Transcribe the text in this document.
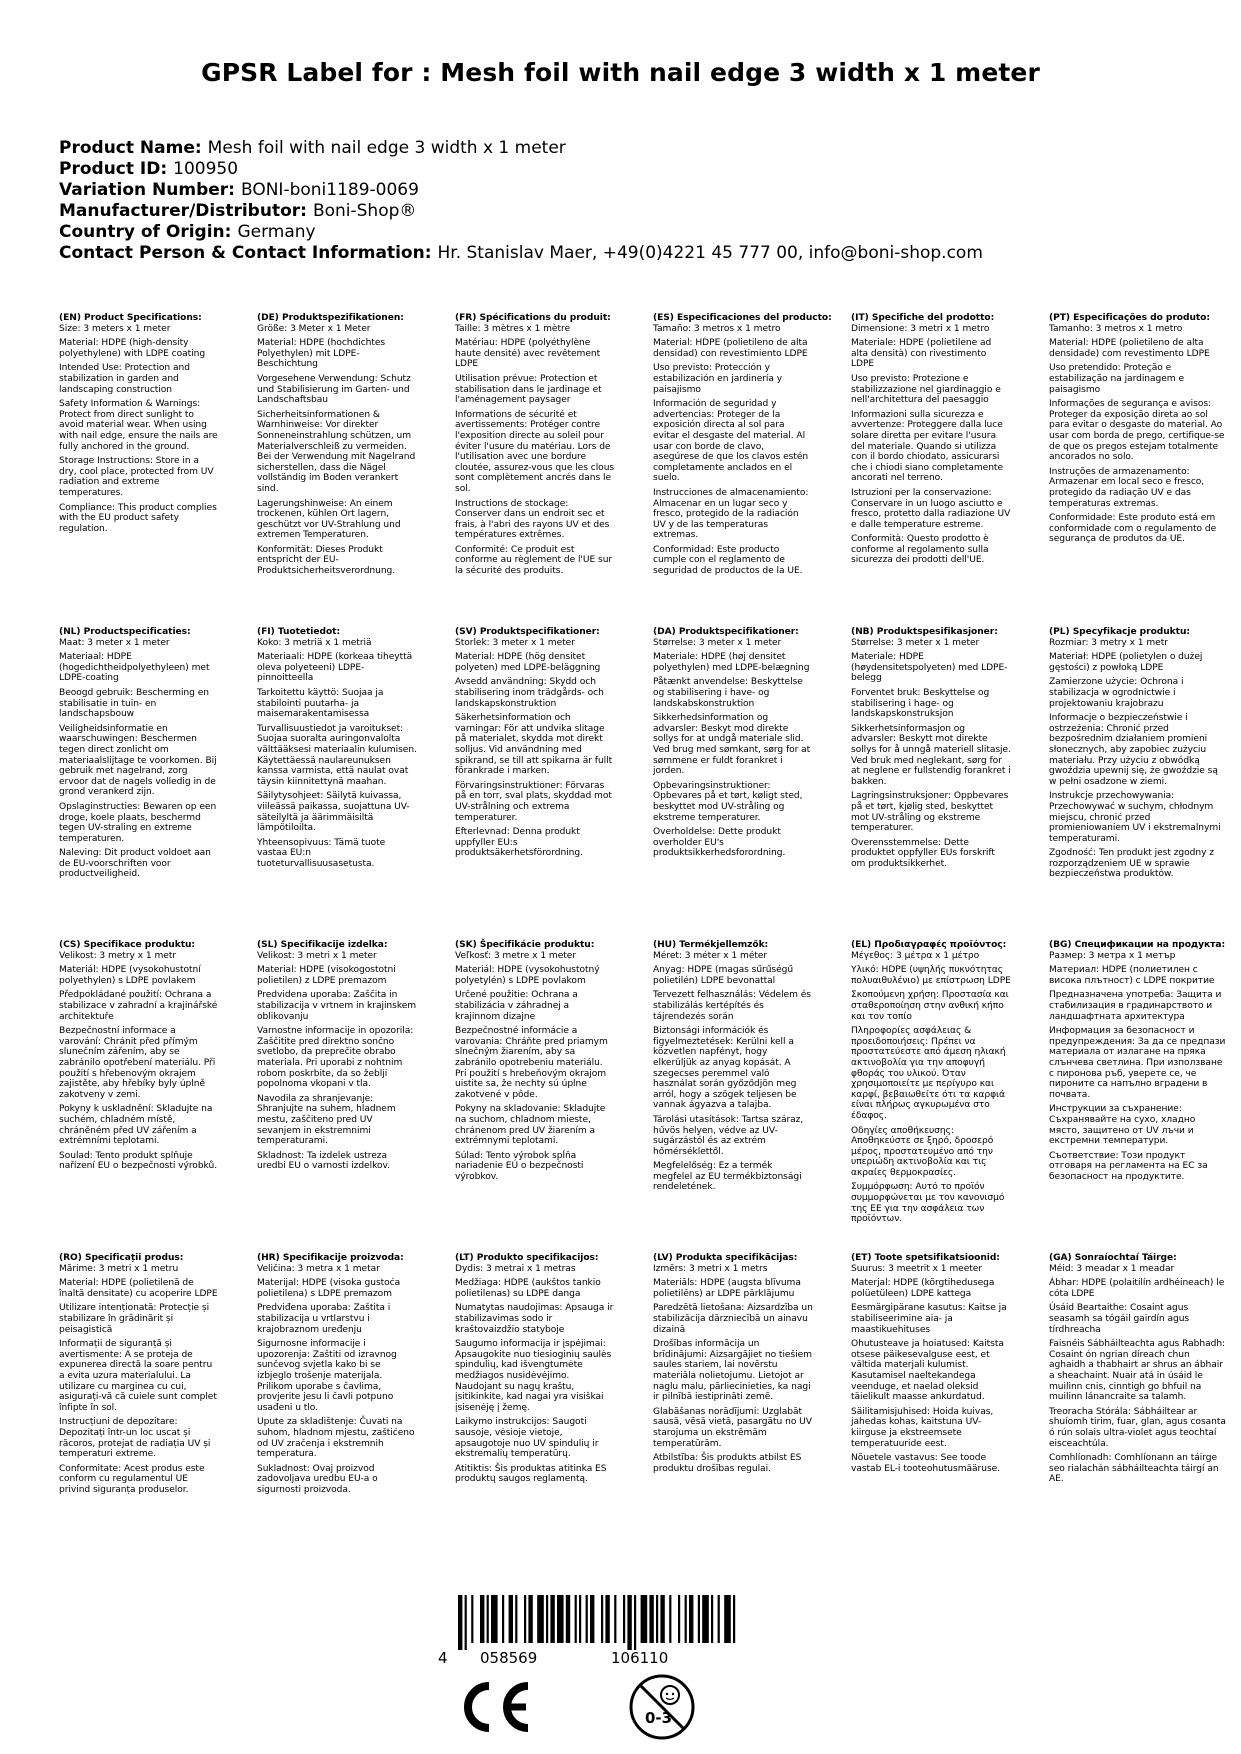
GPSR Label for : Mesh foil with nail edge 3 width x 1 meter
Product Name: Mesh foil with nail edge 3 width x 1 meter
Product ID: 100950
Variation Number: BONI-boni1189-0069
Manufacturer/Distributor: Boni-Shop®
Country of Origin: Germany
Contact Person & Contact Information: Hr. Stanislav Maer, +49(0)4221 45 777 00, info@boni-shop.com
(EN) Product Specifications:

Size: 3 meters x 1 meter

Material: HDPE (high-density polyethylene) with LDPE coating

Intended Use: Protection and stabilization in garden and landscaping construction

Safety Information & Warnings: Protect from direct sunlight to avoid material wear. When using with nail edge, ensure the nails are fully anchored in the ground.

Storage Instructions: Store in a dry, cool place, protected from UV radiation and extreme temperatures.

Compliance: This product complies with the EU product safety regulation.

(DE) Produktspezifikationen:

Größe: 3 Meter x 1 Meter

Material: HDPE (hochdichtes Polyethylen) mit LDPE-Beschichtung

Vorgesehene Verwendung: Schutz und Stabilisierung im Garten- und Landschaftsbau

Sicherheitsinformationen & Warnhinweise: Vor direkter Sonneneinstrahlung schützen, um Materialverschleiß zu vermeiden. Bei der Verwendung mit Nagelrand sicherstellen, dass die Nägel vollständig im Boden verankert sind.

Lagerungshinweise: An einem trockenen, kühlen Ort lagern, geschützt vor UV-Strahlung und extremen Temperaturen.

Konformität: Dieses Produkt entspricht der EU-Produktsicherheitsverordnung.

(FR) Spécifications du produit:

Taille: 3 mètres x 1 mètre

Matériau: HDPE (polyéthylène haute densité) avec revêtement LDPE

Utilisation prévue: Protection et stabilisation dans le jardinage et l'aménagement paysager

Informations de sécurité et avertissements: Protéger contre l'exposition directe au soleil pour éviter l'usure du matériau. Lors de l'utilisation avec une bordure cloutée, assurez-vous que les clous sont complètement ancrés dans le sol.

Instructions de stockage: Conserver dans un endroit sec et frais, à l'abri des rayons UV et des températures extrêmes.

Conformité: Ce produit est conforme au règlement de l'UE sur la sécurité des produits.

(ES) Especificaciones del producto:

Tamaño: 3 metros x 1 metro

Material: HDPE (polietileno de alta densidad) con revestimiento LDPE

Uso previsto: Protección y estabilización en jardinería y paisajismo

Información de seguridad y advertencias: Proteger de la exposición directa al sol para evitar el desgaste del material. Al usar con borde de clavo, asegúrese de que los clavos estén completamente anclados en el suelo.

Instrucciones de almacenamiento: Almacenar en un lugar seco y fresco, protegido de la radiación UV y de las temperaturas extremas.

Conformidad: Este producto cumple con el reglamento de seguridad de productos de la UE.

(IT) Specifiche del prodotto:

Dimensione: 3 metri x 1 metro

Materiale: HDPE (polietilene ad alta densità) con rivestimento LDPE

Uso previsto: Protezione e stabilizzazione nel giardinaggio e nell'architettura del paesaggio

Informazioni sulla sicurezza e avvertenze: Proteggere dalla luce solare diretta per evitare l'usura del materiale. Quando si utilizza con il bordo chiodato, assicurarsi che i chiodi siano completamente ancorati nel terreno.

Istruzioni per la conservazione: Conservare in un luogo asciutto e fresco, protetto dalla radiazione UV e dalle temperature estreme.

Conformità: Questo prodotto è conforme al regolamento sulla sicurezza dei prodotti dell'UE.

(PT) Especificações do produto:

Tamanho: 3 metros x 1 metro

Material: HDPE (polietileno de alta densidade) com revestimento LDPE

Uso pretendido: Proteção e estabilização na jardinagem e paisagismo

Informações de segurança e avisos: Proteger da exposição direta ao sol para evitar o desgaste do material. Ao usar com borda de prego, certifique-se de que os pregos estejam totalmente ancorados no solo.

Instruções de armazenamento: Armazenar em local seco e fresco, protegido da radiação UV e das temperaturas extremas.

Conformidade: Este produto está em conformidade com o regulamento de segurança de produtos da UE.

(NL) Productspecificaties:

Maat: 3 meter x 1 meter

Materiaal: HDPE (hogedichtheidpolyethyleen) met LDPE-coating

Beoogd gebruik: Bescherming en stabilisatie in tuin- en landschapsbouw

Veiligheidsinformatie en waarschuwingen: Beschermen tegen direct zonlicht om materiaalslijtage te voorkomen. Bij gebruik met nagelrand, zorg ervoor dat de nagels volledig in de grond verankerd zijn.

Opslaginstructies: Bewaren op een droge, koele plaats, beschermd tegen UV-straling en extreme temperaturen.

Naleving: Dit product voldoet aan de EU-voorschriften voor productveiligheid.

(FI) Tuotetiedot:

Koko: 3 metriä x 1 metriä

Materiaali: HDPE (korkeaa tiheyttä oleva polyeteeni) LDPE-pinnoitteella

Tarkoitettu käyttö: Suojaa ja stabilointi puutarha- ja maisemarakentamisessa

Turvallisuustiedot ja varoitukset: Suojaa suoralta auringonvalolta välttääksesi materiaalin kulumisen. Käytettäessä naulareunuksen kanssa varmista, että naulat ovat täysin kiinnitettynä maahan.

Säilytysohjeet: Säilytä kuivassa, viileässä paikassa, suojattuna UV-säteilyltä ja äärimmäisiltä lämpötiloilta.

Yhteensopivuus: Tämä tuote vastaa EU:n tuoteturvallisuusasetusta.

(SV) Produktspecifikationer:

Storlek: 3 meter x 1 meter

Material: HDPE (hög densitet polyeten) med LDPE-beläggning

Avsedd användning: Skydd och stabilisering inom trädgårds- och landskapskonstruktion

Säkerhetsinformation och varningar: För att undvika slitage på materialet, skydda mot direkt solljus. Vid användning med spikrand, se till att spikarna är fullt förankrade i marken.

Förvaringsinstruktioner: Förvaras på en torr, sval plats, skyddad mot UV-strålning och extrema temperaturer.

Efterlevnad: Denna produkt uppfyller EU:s produktsäkerhetsförordning.

(DA) Produktspecifikationer:

Størrelse: 3 meter x 1 meter

Materiale: HDPE (høj densitet polyethylen) med LDPE-belægning

Påtænkt anvendelse: Beskyttelse og stabilisering i have- og landskabskonstruktion

Sikkerhedsinformation og advarsler: Beskyt mod direkte sollys for at undgå materiale slid. Ved brug med sømkant, sørg for at sømmene er fuldt forankret i jorden.

Opbevaringsinstruktioner: Opbevares på et tørt, køligt sted, beskyttet mod UV-stråling og ekstreme temperaturer.

Overholdelse: Dette produkt overholder EU's produktsikkerhedsforordning.

(NB) Produktspesifikasjoner:

Størrelse: 3 meter x 1 meter

Materiale: HDPE (høydensitetspolyeten) med LDPE-belegg

Forventet bruk: Beskyttelse og stabilisering i hage- og landskapskonstruksjon

Sikkerhetsinformasjon og advarsler: Beskytt mot direkte sollys for å unngå materiell slitasje. Ved bruk med neglekant, sørg for at neglene er fullstendig forankret i bakken.

Lagringsinstruksjoner: Oppbevares på et tørt, kjølig sted, beskyttet mot UV-stråling og ekstreme temperaturer.

Overensstemmelse: Dette produktet oppfyller EUs forskrift om produktsikkerhet.

(PL) Specyfikacje produktu:

Rozmiar: 3 metry x 1 metr

Materiał: HDPE (polietylen o dużej gęstości) z powłoką LDPE

Zamierzone użycie: Ochrona i stabilizacja w ogrodnictwie i projektowaniu krajobrazu

Informacje o bezpieczeństwie i ostrzeżenia: Chronić przed bezpośrednim działaniem promieni słonecznych, aby zapobiec zużyciu materiału. Przy użyciu z obwódką gwoździa upewnij się, że gwoździe są w pełni osadzone w ziemi.

Instrukcje przechowywania: Przechowywać w suchym, chłodnym miejscu, chronić przed promieniowaniem UV i ekstremalnymi temperaturami.

Zgodność: Ten produkt jest zgodny z rozporządzeniem UE w sprawie bezpieczeństwa produktów.

(CS) Specifikace produktu:

Velikost: 3 metry x 1 metr

Materiál: HDPE (vysokohustotní polyethylen) s LDPE povlakem

Předpokládané použití: Ochrana a stabilizace v zahradní a krajinářské architektuře

Bezpečnostní informace a varování: Chránit před přímým slunečním zářením, aby se zabránilo opotřebení materiálu. Při použití s hřebenovým okrajem zajistěte, aby hřebíky byly úplně zakotveny v zemi.

Pokyny k uskladnění: Skladujte na suchém, chladném místě, chráněném před UV zářením a extrémními teplotami.

Soulad: Tento produkt splňuje nařízení EU o bezpečnosti výrobků.

(SL) Specifikacije izdelka:

Velikost: 3 metri x 1 meter

Material: HDPE (visokogostotni polietilen) z LDPE premazom

Predvidena uporaba: Zaščita in stabilizacija v vrtnem in krajinskem oblikovanju

Varnostne informacije in opozorila: Zaščitite pred direktno sončno svetlobo, da preprečite obrabo materiala. Pri uporabi z nohtnim robom poskrbite, da so žeblji popolnoma vkopani v tla.

Navodila za shranjevanje: Shranjujte na suhem, hladnem mestu, zaščiteno pred UV sevanjem in ekstremnimi temperaturami.

Skladnost: Ta izdelek ustreza uredbi EU o varnosti izdelkov.

(SK) Špecifikácie produktu:

Veľkosť: 3 metre x 1 meter

Materiál: HDPE (vysokohustotný polyetylén) s LDPE povlakom

Určené použitie: Ochrana a stabilizácia v záhradnej a krajinnom dizajne

Bezpečnostné informácie a varovania: Chráňte pred priamym slnečným žiarením, aby sa zabránilo opotrebeniu materiálu. Pri použití s hrebeňovým okrajom uistite sa, že nechty sú úplne zakotvené v pôde.

Pokyny na skladovanie: Skladujte na suchom, chladnom mieste, chránenom pred UV žiarením a extrémnymi teplotami.

Súlad: Tento výrobok spĺňa nariadenie EÚ o bezpečnosti výrobkov.

(HU) Termékjellemzők:

Méret: 3 méter x 1 méter

Anyag: HDPE (magas sűrűségű polietilén) LDPE bevonattal

Tervezett felhasználás: Védelem és stabilizálás kertépítés és tájrendezés során

Biztonsági információk és figyelmeztetések: Kerülni kell a közvetlen napfényt, hogy elkerüljük az anyag kopását. A szegecses peremmel való használat során győződjön meg arról, hogy a szögek teljesen be vannak ágyazva a talajba.

Tárolási utasítások: Tartsa száraz, hűvös helyen, védve az UV-sugárzástól és az extrém hőmérséklettől.

Megfelelőség: Ez a termék megfelel az EU termékbiztonsági rendeletének.

(EL) Προδιαγραφές προϊόντος:

Μέγεθος: 3 μέτρα x 1 μέτρο

Υλικό: HDPE (υψηλής πυκνότητας πολυαιθυλένιο) με επίστρωση LDPE

Σκοπούμενη χρήση: Προστασία και σταθεροποίηση στην ανθική κήπο και τον τοπίο

Πληροφορίες ασφάλειας & προειδοποιήσεις: Πρέπει να προστατεύεστε από άμεση ηλιακή ακτινοβολία για την αποφυγή φθοράς του υλικού. Όταν χρησιμοποιείτε με περίγυρο και καρφί, βεβαιωθείτε ότι τα καρφιά είναι πλήρως αγκυρωμένα στο έδαφος.

Οδηγίες αποθήκευσης: Αποθηκεύστε σε ξηρό, δροσερό μέρος, προστατευμένο από την υπεριώδη ακτινοβολία και τις ακραίες θερμοκρασίες.

Συμμόρφωση: Αυτό το προϊόν συμμορφώνεται με τον κανονισμό της ΕΕ για την ασφάλεια των προϊόντων.

(BG) Спецификации на продукта:

Размер: 3 метра х 1 метър

Материал: HDPE (полиетилен с висока плътност) с LDPE покритие

Предназначена употреба: Защита и стабилизация в градинарството и ландшафтната архитектура

Информация за безопасност и предупреждения: За да се предпази материала от излагане на пряка слънчева светлина. При използване с пиронова ръб, уверете се, че пироните са напълно вградени в почвата.

Инструкции за съхранение: Съхранявайте на сухо, хладно място, защитено от UV лъчи и екстремни температури.

Съответствие: Този продукт отговаря на регламента на ЕС за безопасност на продуктите.

(RO) Specificații produs:

Mărime: 3 metri x 1 metru

Material: HDPE (polietilenă de înaltă densitate) cu acoperire LDPE

Utilizare intenționată: Protecție și stabilizare în grădinărit și peisagistică

Informații de siguranță și avertismente: A se proteja de expunerea directă la soare pentru a evita uzura materialului. La utilizare cu marginea cu cui, asigurați-vă că cuiele sunt complet înfipte în sol.

Instrucțiuni de depozitare: Depozitați într-un loc uscat și răcoros, protejat de radiația UV și temperaturi extreme.

Conformitate: Acest produs este conform cu regulamentul UE privind siguranța produselor.

(HR) Specifikacije proizvoda:

Veličina: 3 metra x 1 metar

Materijal: HDPE (visoka gustoća polietilena) s LDPE premazom

Predviđena uporaba: Zaštita i stabilizacija u vrtlarstvu i krajobraznom uređenju

Sigurnosne informacije i upozorenja: Zaštiti od izravnog sunčevog svjetla kako bi se izbjeglo trošenje materijala. Prilikom uporabe s čavlima, provjerite jesu li čavli potpuno usađeni u tlo.

Upute za skladištenje: Čuvati na suhom, hladnom mjestu, zaštićeno od UV zračenja i ekstremnih temperatura.

Sukladnost: Ovaj proizvod zadovoljava uredbu EU-a o sigurnosti proizvoda.

(LT) Produkto specifikacijos:

Dydis: 3 metrai x 1 metras

Medžiaga: HDPE (aukštos tankio polietilenas) su LDPE danga

Numatytas naudojimas: Apsauga ir stabilizavimas sodo ir kraštovaizdžio statyboje

Saugumo informacija ir įspėjimai: Apsaugokite nuo tiesioginių saulės spindulių, kad išvengtumėte medžiagos nusidėvėjimo. Naudojant su nagų kraštu, įsitikinkite, kad nagai yra visiškai įsisenėję į žemę.

Laikymo instrukcijos: Saugoti sausoje, vėsioje vietoje, apsaugotoje nuo UV spindulių ir ekstremalių temperatūrų.

Atitiktis: Šis produktas atitinka ES produktų saugos reglamentą.

(LV) Produkta specifikācijas:

Izmērs: 3 metri x 1 metrs

Materiāls: HDPE (augsta blīvuma polietilēns) ar LDPE pārklājumu

Paredzētā lietošana: Aizsardzība un stabilizācija dārzniecībā un ainavu dizainā

Drošības informācija un brīdinājumi: Aizsargājiet no tiešiem saules stariem, lai novērstu materiāla nolietojumu. Lietojot ar naglu malu, pārliecinieties, ka nagi ir pilnībā iestiprināti zemē.

Glabāšanas norādījumi: Uzglabāt sausā, vēsā vietā, pasargātu no UV starojuma un ekstrēmām temperatūrām.

Atbilstība: Šis produkts atbilst ES produktu drošības regulai.

(ET) Toote spetsifikatsioonid:

Suurus: 3 meetrit x 1 meeter

Materjal: HDPE (kõrgtihedusega polüetüleen) LDPE kattega

Eesmärgipärane kasutus: Kaitse ja stabiliseerimine aia- ja maastikuehituses

Ohutusteave ja hoiatused: Kaitsta otsese päikesevalguse eest, et vältida materjali kulumist. Kasutamisel naeltekandega veenduge, et naelad oleksid täielikult maasse ankurdatud.

Säilitamisjuhised: Hoida kuivas, jahedas kohas, kaitstuna UV-kiirguse ja ekstreemsete temperatuuride eest.

Nõuetele vastavus: See toode vastab EL-i tooteohutusmääruse.

(GA) Sonraíochtaí Táirge:

Méid: 3 meadar x 1 meadar

Ábhar: HDPE (polaitilín ardhéineach) le cóta LDPE

Úsáid Beartaithe: Cosaint agus seasamh sa tógáil gairdín agus tírdhreacha

Faisnéis Sábháilteachta agus Rabhadh: Cosaint ón ngrian díreach chun aghaidh a thabhairt ar shrus an ábhair a sheachaint. Nuair atá in úsáid le muilinn cnis, cinntigh go bhfuil na muilinn lánancraite sa talamh.

Treoracha Stórála: Sábháiltear ar shuíomh tirim, fuar, glan, agus cosanta ó rún solais ultra-violet agus teochtaí eisceachtúla.

Comhlíonadh: Comhlíonann an táirge seo rialachán sábháilteachta táirgí an AE.

4 058569	106110
0-3
